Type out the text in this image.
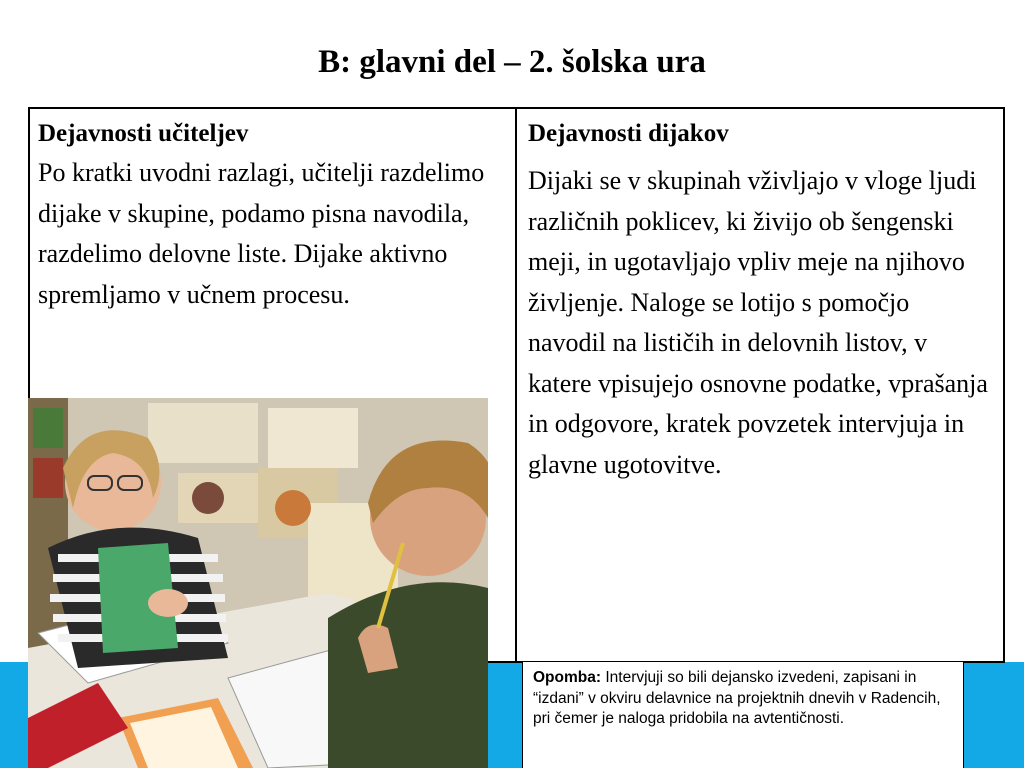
B: glavni del – 2. šolska ura
Dejavnosti učiteljev
Po kratki uvodni razlagi, učitelji razdelimo dijake v skupine, podamo pisna navodila, razdelimo delovne liste. Dijake aktivno spremljamo v učnem procesu.
Dejavnosti dijakov
Dijaki se v skupinah vživljajo v vloge ljudi različnih poklicev, ki živijo ob šengenski meji, in ugotavljajo vpliv meje na njihovo življenje. Naloge se lotijo s pomočjo navodil na lističih in delovnih listov, v katere vpisujejo osnovne podatke, vprašanja in odgovore, kratek povzetek intervjuja in glavne ugotovitve.
Opomba: Intervjuji so bili dejansko izvedeni, zapisani in “izdani” v okviru delavnice na projektnih dnevih v Radencih, pri čemer je naloga pridobila na avtentičnosti.
